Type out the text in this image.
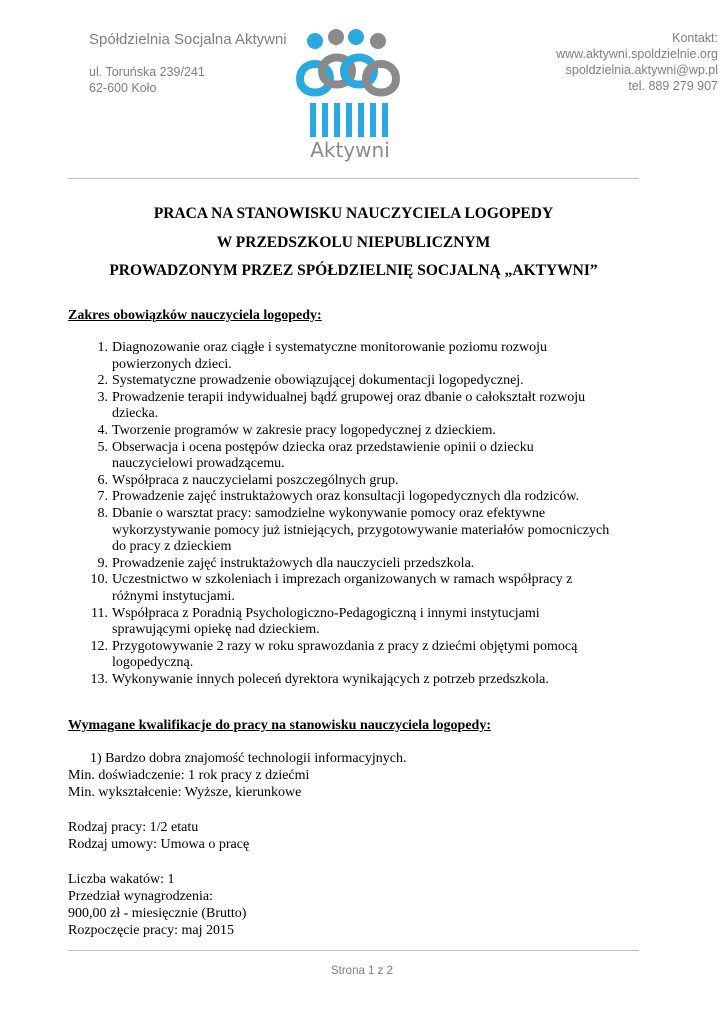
Spółdzielnia Socjalna Aktywni
ul. Toruńska 239/241
62-600 Koło
Aktywni
Kontakt:
www.aktywni.spoldzielnie.org
spoldzielnia.aktywni@wp.pl
tel. 889 279 907
PRACA NA STANOWISKU NAUCZYCIELA LOGOPEDY
W PRZEDSZKOLU NIEPUBLICZNYM
PROWADZONYM PRZEZ SPÓŁDZIELNIĘ SOCJALNĄ „AKTYWNI”
Zakres obowiązków nauczyciela logopedy:
1. Diagnozowanie oraz ciągłe i systematyczne monitorowanie poziomu rozwoju
powierzonych dzieci.
2. Systematyczne prowadzenie obowiązującej dokumentacji logopedycznej.
3. Prowadzenie terapii indywidualnej bądź grupowej oraz dbanie o całokształt rozwoju
dziecka.
4. Tworzenie programów w zakresie pracy logopedycznej z dzieckiem.
5. Obserwacja i ocena postępów dziecka oraz przedstawienie opinii o dziecku
nauczycielowi prowadzącemu.
6. Współpraca z nauczycielami poszczególnych grup.
7. Prowadzenie zajęć instruktażowych oraz konsultacji logopedycznych dla rodziców.
8. Dbanie o warsztat pracy: samodzielne wykonywanie pomocy oraz efektywne
wykorzystywanie pomocy już istniejących, przygotowywanie materiałów pomocniczych
do pracy z dzieckiem
9. Prowadzenie zajęć instruktażowych dla nauczycieli przedszkola.
10. Uczestnictwo w szkoleniach i imprezach organizowanych w ramach współpracy z
różnymi instytucjami.
11. Współpraca z Poradnią Psychologiczno-Pedagogiczną i innymi instytucjami
sprawującymi opiekę nad dzieckiem.
12. Przygotowywanie 2 razy w roku sprawozdania z pracy z dziećmi objętymi pomocą
logopedyczną.
13. Wykonywanie innych poleceń dyrektora wynikających z potrzeb przedszkola.
Wymagane kwalifikacje do pracy na stanowisku nauczyciela logopedy:
1) Bardzo dobra znajomość technologii informacyjnych.
Min. doświadczenie: 1 rok pracy z dziećmi
Min. wykształcenie: Wyższe, kierunkowe
Rodzaj pracy: 1/2 etatu
Rodzaj umowy: Umowa o pracę
Liczba wakatów: 1
Przedział wynagrodzenia:
900,00 zł - miesięcznie (Brutto)
Rozpoczęcie pracy: maj 2015
Strona 1 z 2
